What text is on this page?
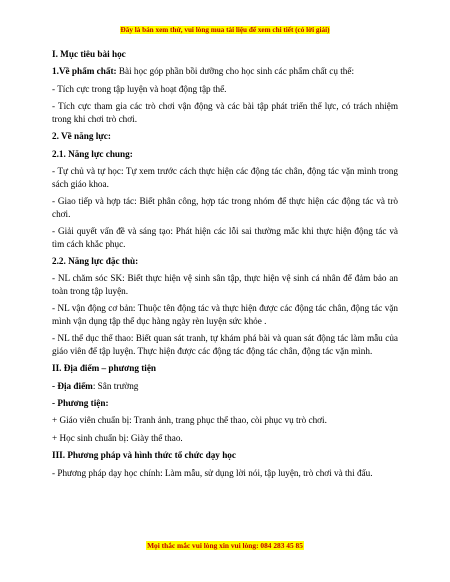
Đây là bản xem thử, vui lòng mua tài liệu để xem chi tiết (có lời giải)

I. Mục tiêu bài học

1.Về phẩm chất: Bài học góp phần bồi dưỡng cho học sinh các phẩm chất cụ thể:

- Tích cực trong tập luyện và hoạt động tập thể.

- Tích cực tham gia các trò chơi vận động và các bài tập phát triển thể lực, có trách nhiệm trong khi chơi trò chơi.

2. Về năng lực:

2.1. Năng lực chung:

- Tự chủ và tự học: Tự xem trước cách thực hiện các động tác chân, động tác vặn mình trong sách giáo khoa.

- Giao tiếp và hợp tác: Biết phân công, hợp tác trong nhóm để thực hiện các động tác và trò chơi.

- Giải quyết vấn đề và sáng tạo: Phát hiện các lỗi sai thường mắc khi thực hiện động tác và tìm cách khắc phục.

2.2. Năng lực đặc thù:

- NL chăm sóc SK: Biết thực hiện vệ sinh sân tập, thực hiện vệ sinh cá nhân để đảm bảo an toàn trong tập luyện.

- NL vận động cơ bản: Thuộc tên động tác và thực hiện được các động tác chân, động tác vặn mình vận dụng tập thể dục hàng ngày rèn luyện sức khỏe .

- NL thể dục thể thao: Biết quan sát tranh, tự khám phá bài và quan sát động tác làm mẫu của giáo viên để tập luyện. Thực hiện được các động tác động tác chân, động tác vặn mình.

II. Địa điểm – phương tiện

- Địa điểm: Sân trường

- Phương tiện:

+ Giáo viên chuẩn bị: Tranh ảnh, trang phục thể thao, còi phục vụ trò chơi.

+ Học sinh chuẩn bị: Giày thể thao.

III. Phương pháp và hình thức tổ chức dạy học

- Phương pháp dạy học chính: Làm mẫu, sử dụng lời nói, tập luyện, trò chơi và thi đấu.

Mọi thắc mắc vui lòng xin vui lòng: 084 283 45 85
